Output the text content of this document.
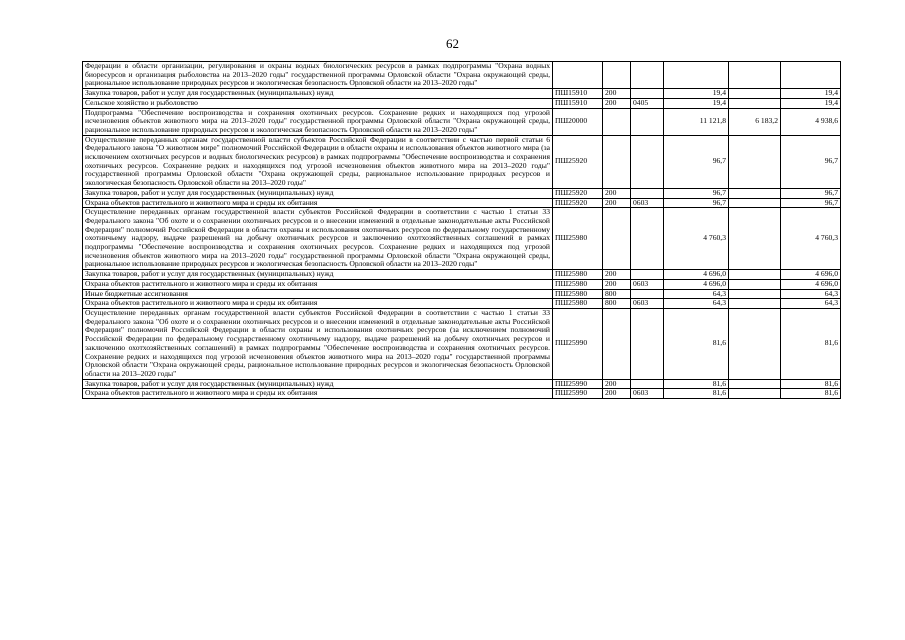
62
Федерации в области организации, регулирования и охраны водных биологических ресурсов в рамках подпрограммы "Охрана водных биоресурсов и организация рыболовства на 2013–2020 годы" государственной программы Орловской области "Охрана окружающей среды, рациональное использование природных ресурсов и экологическая безопасность Орловской области на 2013–2020 годы"						
Закупка товаров, работ и услуг для государственных (муниципальных) нужд	ПШ15910	200		19,4		19,4
Сельское хозяйство и рыболовство	ПШ15910	200	0405	19,4		19,4
Подпрограмма "Обеспечение воспроизводства и сохранения охотничьих ресурсов. Сохранение редких и находящихся под угрозой исчезновения объектов животного мира на 2013–2020 годы" государственной программы Орловской области "Охрана окружающей среды, рациональное использование природных ресурсов и экологическая безопасность Орловской области на 2013–2020 годы"	ПШ20000			11 121,8	6 183,2	4 938,6
Осуществление переданных органам государственной власти субъектов Российской Федерации в соответствии с частью первой статьи 6 Федерального закона "О животном мире" полномочий Российской Федерации в области охраны и использования объектов животного мира (за исключением охотничьих ресурсов и водных биологических ресурсов) в рамках подпрограммы "Обеспечение воспроизводства и сохранения охотничьих ресурсов. Сохранение редких и находящихся под угрозой исчезновения объектов животного мира на 2013–2020 годы" государственной программы Орловской области "Охрана окружающей среды, рациональное использование природных ресурсов и экологическая безопасность Орловской области на 2013–2020 годы"	ПШ25920			96,7		96,7
Закупка товаров, работ и услуг для государственных (муниципальных) нужд	ПШ25920	200		96,7		96,7
Охрана объектов растительного и животного мира и среды их обитания	ПШ25920	200	0603	96,7		96,7
Осуществление переданных органам государственной власти субъектов Российской Федерации в соответствии с частью 1 статьи 33 Федерального закона "Об охоте и о сохранении охотничьих ресурсов и о внесении изменений в отдельные законодательные акты Российской Федерации" полномочий Российской Федерации в области охраны и использования охотничьих ресурсов по федеральному государственному охотничьему надзору, выдаче разрешений на добычу охотничьих ресурсов и заключению охотхозяйственных соглашений в рамках подпрограммы "Обеспечение воспроизводства и сохранения охотничьих ресурсов. Сохранение редких и находящихся под угрозой исчезновения объектов животного мира на 2013–2020 годы" государственной программы Орловской области "Охрана окружающей среды, рациональное использование природных ресурсов и экологическая безопасность Орловской области на 2013–2020 годы"	ПШ25980			4 760,3		4 760,3
Закупка товаров, работ и услуг для государственных (муниципальных) нужд	ПШ25980	200		4 696,0		4 696,0
Охрана объектов растительного и животного мира и среды их обитания	ПШ25980	200	0603	4 696,0		4 696,0
Иные бюджетные ассигнования	ПШ25980	800		64,3		64,3
Охрана объектов растительного и животного мира и среды их обитания	ПШ25980	800	0603	64,3		64,3
Осуществление переданных органам государственной власти субъектов Российской Федерации в соответствии с частью 1 статьи 33 Федерального закона "Об охоте и о сохранении охотничьих ресурсов и о внесении изменений в отдельные законодательные акты Российской Федерации" полномочий Российской Федерации в области охраны и использования охотничьих ресурсов (за исключением полномочий Российской Федерации по федеральному государственному охотничьему надзору, выдаче разрешений на добычу охотничьих ресурсов и заключению охотхозяйственных соглашений) в рамках подпрограммы "Обеспечение воспроизводства и сохранения охотничьих ресурсов. Сохранение редких и находящихся под угрозой исчезновения объектов животного мира на 2013–2020 годы" государственной программы Орловской области "Охрана окружающей среды, рациональное использование природных ресурсов и экологическая безопасность Орловской области на 2013–2020 годы"	ПШ25990			81,6		81,6
Закупка товаров, работ и услуг для государственных (муниципальных) нужд	ПШ25990	200		81,6		81,6
Охрана объектов растительного и животного мира и среды их обитания	ПШ25990	200	0603	81,6		81,6
